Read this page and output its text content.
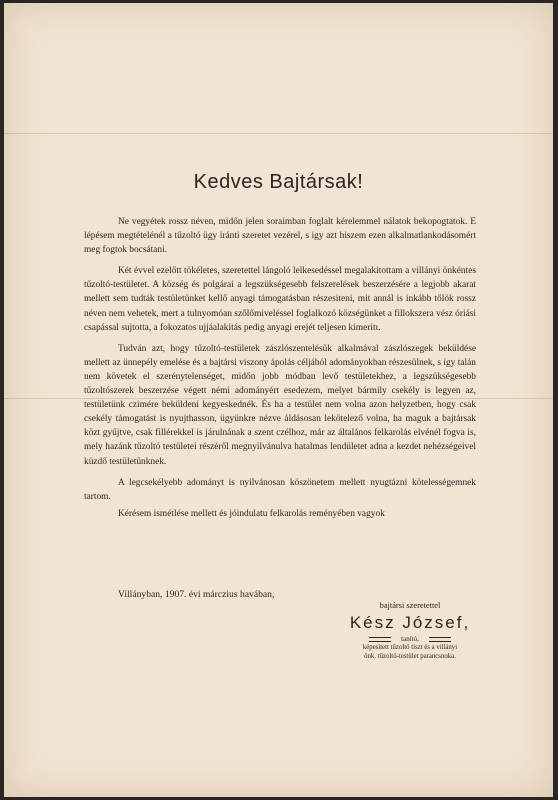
Kedves Bajtársak!

Ne vegyétek rossz néven, midőn jelen soraimban foglalt kérelemmel nálatok bekopogtatok. E lépésem megtételénél a tűzoltó ügy iránti szeretet vezérel, s igy azt hiszem ezen alkalmatlankodásomért meg fogtok bocsátani.

Két évvel ezelőtt tökéletes, szeretettel lángoló lelkesedéssel megalakitottam a villányi önkéntes tűzoltó-testületet. A község és polgárai a legszükségesebb felszerelések beszerzésére a legjobb akarat mellett sem tudták testületünket kellő anyagi támogatásban részesiteni, mit annál is inkább tőlök rossz néven nem vehetek, mert a tulnyomóan szőlőmiveléssel foglalkozó községünket a fillokszera vész óriási csapással sujtotta, a fokozatos ujjáalakitás pedig anyagi erejét teljesen kimeritι.

Tudván azt, hogy tűzoltó-testületek zászlószentelésük alkalmával zászlószegek beküldése mellett az ünnepély emelése és a bajtársi viszony ápolás céljából adományokban részesülnek, s így talán nem követek el szerénytelenséget, midőn jobb módban levő testületekhez, a legszükségesebb tűzoltószerek beszerzése végett némi adományért esedezem, melyet bármily csekély is legyen az, testületünk czimére beküldeni kegyeskednék. És ha a testület nem volna azon helyzetben, hogy csak csekély támogatást is nyujthasson, ügyünkre nézve áldásosan lekötelező volna, ha maguk a bajtársak közt gyűjtve, csak fillérekkel is járulnának a szent czélhoz, már az általános felkarolás elvénél fogva is, mely hazánk tűzoltó testületei részéről megnyilvánulva hatalmas lendületet adna a kezdet nehézségeivel küzdő testületünknek.

A legcsekélyebb adományt is nyilvánosan köszönetem mellett nyugtázni kötelességemnek tartom.

Kérésem ismétlése mellett és jóindulatu felkarolás reményében vagyok

Villányban, 1907. évi márczius havában,
bajtársi szeretettel
Kész József,
tanító,
képesitett tűzoltó tiszt és a villányi
önk. tűzoltó-testület parancsnoka.
